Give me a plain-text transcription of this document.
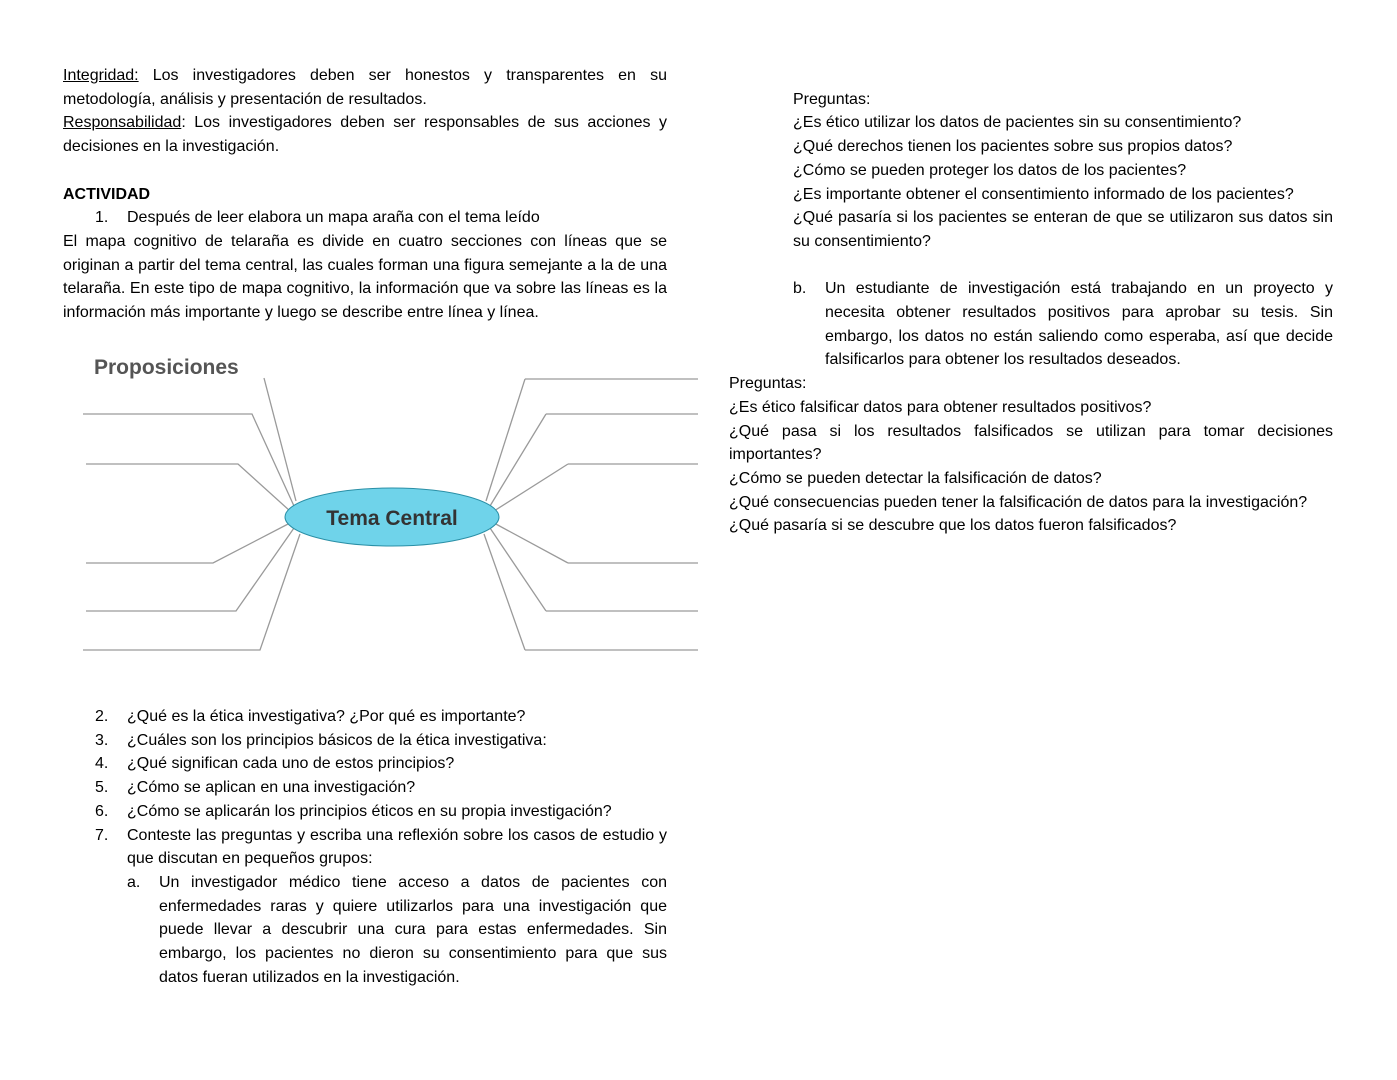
Integridad: Los investigadores deben ser honestos y transparentes en su metodología, análisis y presentación de resultados.

Responsabilidad: Los investigadores deben ser responsables de sus acciones y decisiones en la investigación.

ACTIVIDAD

1. Después de leer elabora un mapa araña con el tema leído

El mapa cognitivo de telaraña es divide en cuatro secciones con líneas que se originan a partir del tema central, las cuales forman una figura semejante a la de una telaraña. En este tipo de mapa cognitivo, la información que va sobre las líneas es la información más importante y luego se describe entre línea y línea.

Tema Central
Proposiciones

2. ¿Qué es la ética investigativa? ¿Por qué es importante?

3. ¿Cuáles son los principios básicos de la ética investigativa:

4. ¿Qué significan cada uno de estos principios?

5. ¿Cómo se aplican en una investigación?

6. ¿Cómo se aplicarán los principios éticos en su propia investigación?

7. Conteste las preguntas y escriba una reflexión sobre los casos de estudio y que discutan en pequeños grupos:

a. Un investigador médico tiene acceso a datos de pacientes con enfermedades raras y quiere utilizarlos para una investigación que puede llevar a descubrir una cura para estas enfermedades. Sin embargo, los pacientes no dieron su consentimiento para que sus datos fueran utilizados en la investigación.

Preguntas:

¿Es ético utilizar los datos de pacientes sin su consentimiento?

¿Qué derechos tienen los pacientes sobre sus propios datos?

¿Cómo se pueden proteger los datos de los pacientes?

¿Es importante obtener el consentimiento informado de los pacientes?

¿Qué pasaría si los pacientes se enteran de que se utilizaron sus datos sin su consentimiento?

b. Un estudiante de investigación está trabajando en un proyecto y necesita obtener resultados positivos para aprobar su tesis. Sin embargo, los datos no están saliendo como esperaba, así que decide falsificarlos para obtener los resultados deseados.

Preguntas:

¿Es ético falsificar datos para obtener resultados positivos?

¿Qué pasa si los resultados falsificados se utilizan para tomar decisiones importantes?

¿Cómo se pueden detectar la falsificación de datos?

¿Qué consecuencias pueden tener la falsificación de datos para la investigación?

¿Qué pasaría si se descubre que los datos fueron falsificados?
